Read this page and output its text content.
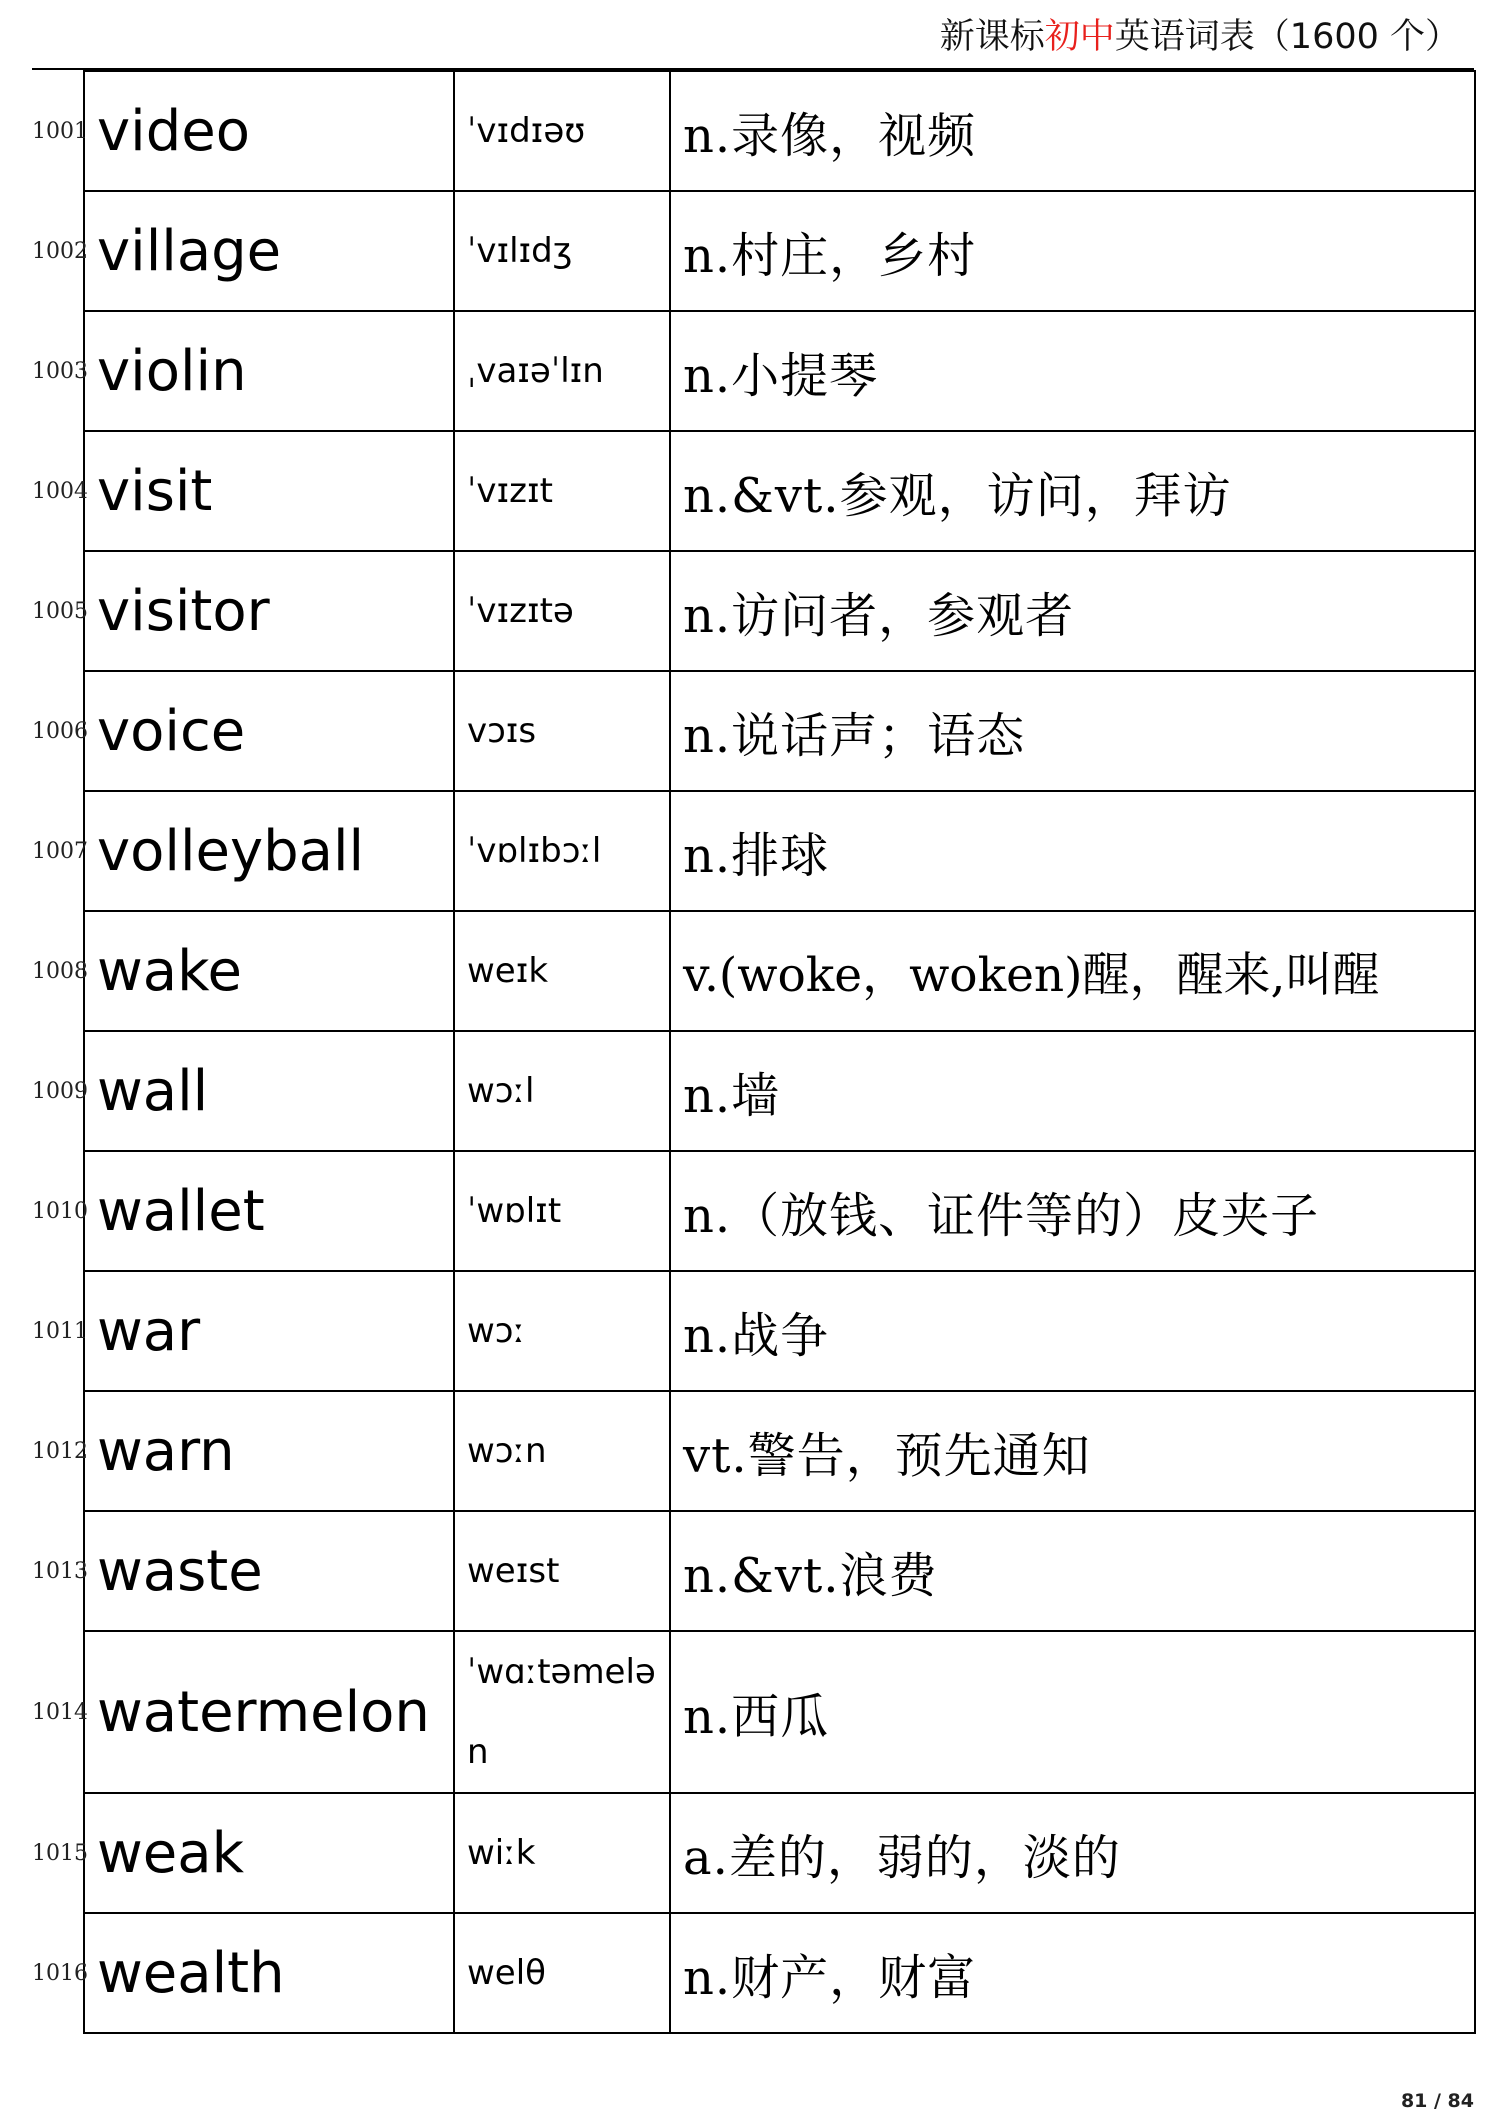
新课标初中英语词表（1600 个）
1001	video	ˈvɪdɪəʊ	n.录像，视频
1002	village	ˈvɪlɪdʒ	n.村庄，乡村
1003	violin	ˌvaɪəˈlɪn	n.小提琴
1004	visit	ˈvɪzɪt	n.&vt.参观，访问，拜访
1005	visitor	ˈvɪzɪtə	n.访问者，参观者
1006	voice	vɔɪs	n.说话声；语态
1007	volleyball	ˈvɒlɪbɔːl	n.排球
1008	wake	weɪk	v.(woke，woken)醒，醒来,叫醒
1009	wall	wɔːl	n.墙
1010	wallet	ˈwɒlɪt	n.（放钱、证件等的）皮夹子
1011	war	wɔː	n.战争
1012	warn	wɔːn	vt.警告，预先通知
1013	waste	weɪst	n.&vt.浪费
1014	watermelon	ˈwɑːtəmelən	n.西瓜
1015	weak	wiːk	a.差的，弱的，淡的
1016	wealth	welθ	n.财产，财富
81 / 84
